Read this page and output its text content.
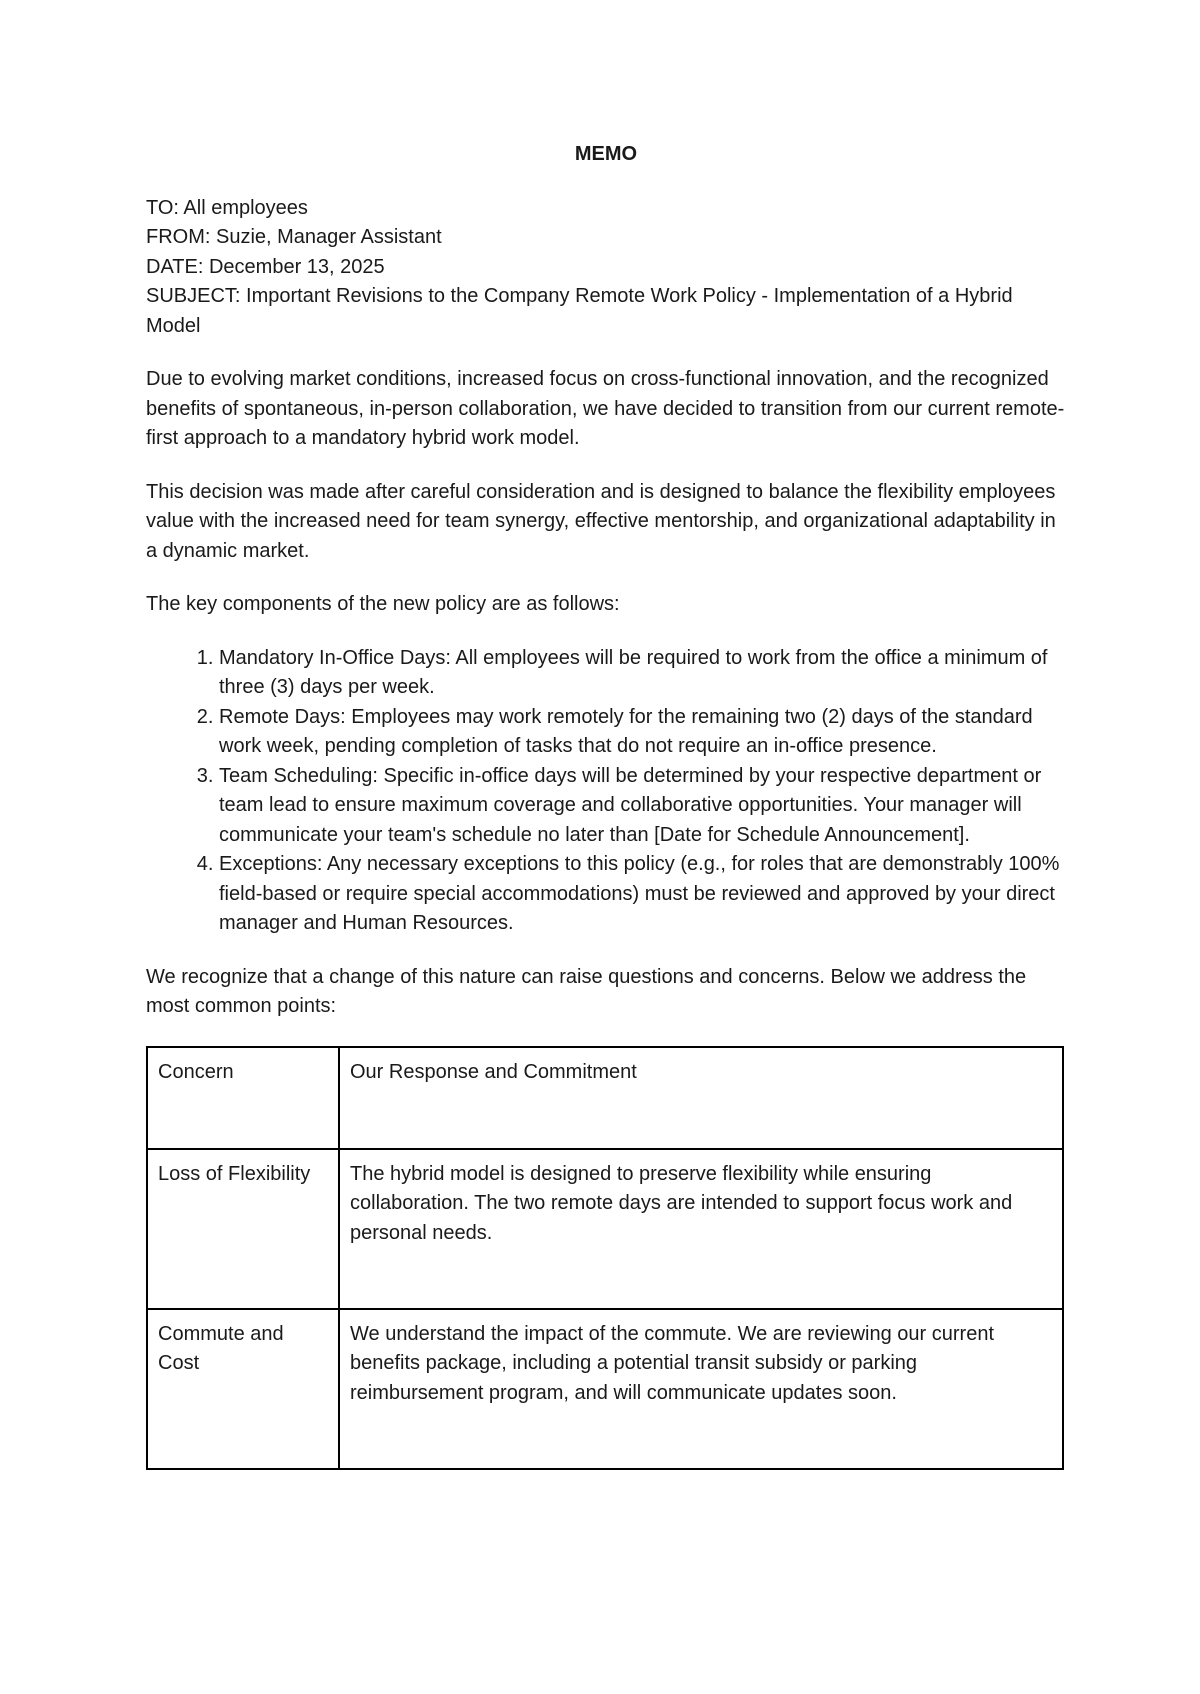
MEMO
TO: All employees
FROM: Suzie, Manager Assistant
DATE: December 13, 2025
SUBJECT: Important Revisions to the Company Remote Work Policy - Implementation of a Hybrid Model

Due to evolving market conditions, increased focus on cross-functional innovation, and the recognized benefits of spontaneous, in-person collaboration, we have decided to transition from our current remote-first approach to a mandatory hybrid work model.

This decision was made after careful consideration and is designed to balance the flexibility employees value with the increased need for team synergy, effective mentorship, and organizational adaptability in a dynamic market.

The key components of the new policy are as follows:

1. Mandatory In-Office Days: All employees will be required to work from the office a minimum of three (3) days per week.
2. Remote Days: Employees may work remotely for the remaining two (2) days of the standard work week, pending completion of tasks that do not require an in-office presence.
3. Team Scheduling: Specific in-office days will be determined by your respective department or team lead to ensure maximum coverage and collaborative opportunities. Your manager will communicate your team's schedule no later than [Date for Schedule Announcement].
4. Exceptions: Any necessary exceptions to this policy (e.g., for roles that are demonstrably 100% field-based or require special accommodations) must be reviewed and approved by your direct manager and Human Resources.

We recognize that a change of this nature can raise questions and concerns. Below we address the most common points:

Concern	Our Response and Commitment
Loss of Flexibility	The hybrid model is designed to preserve flexibility while ensuring collaboration. The two remote days are intended to support focus work and personal needs.
Commute and Cost	We understand the impact of the commute. We are reviewing our current benefits package, including a potential transit subsidy or parking reimbursement program, and will communicate updates soon.
